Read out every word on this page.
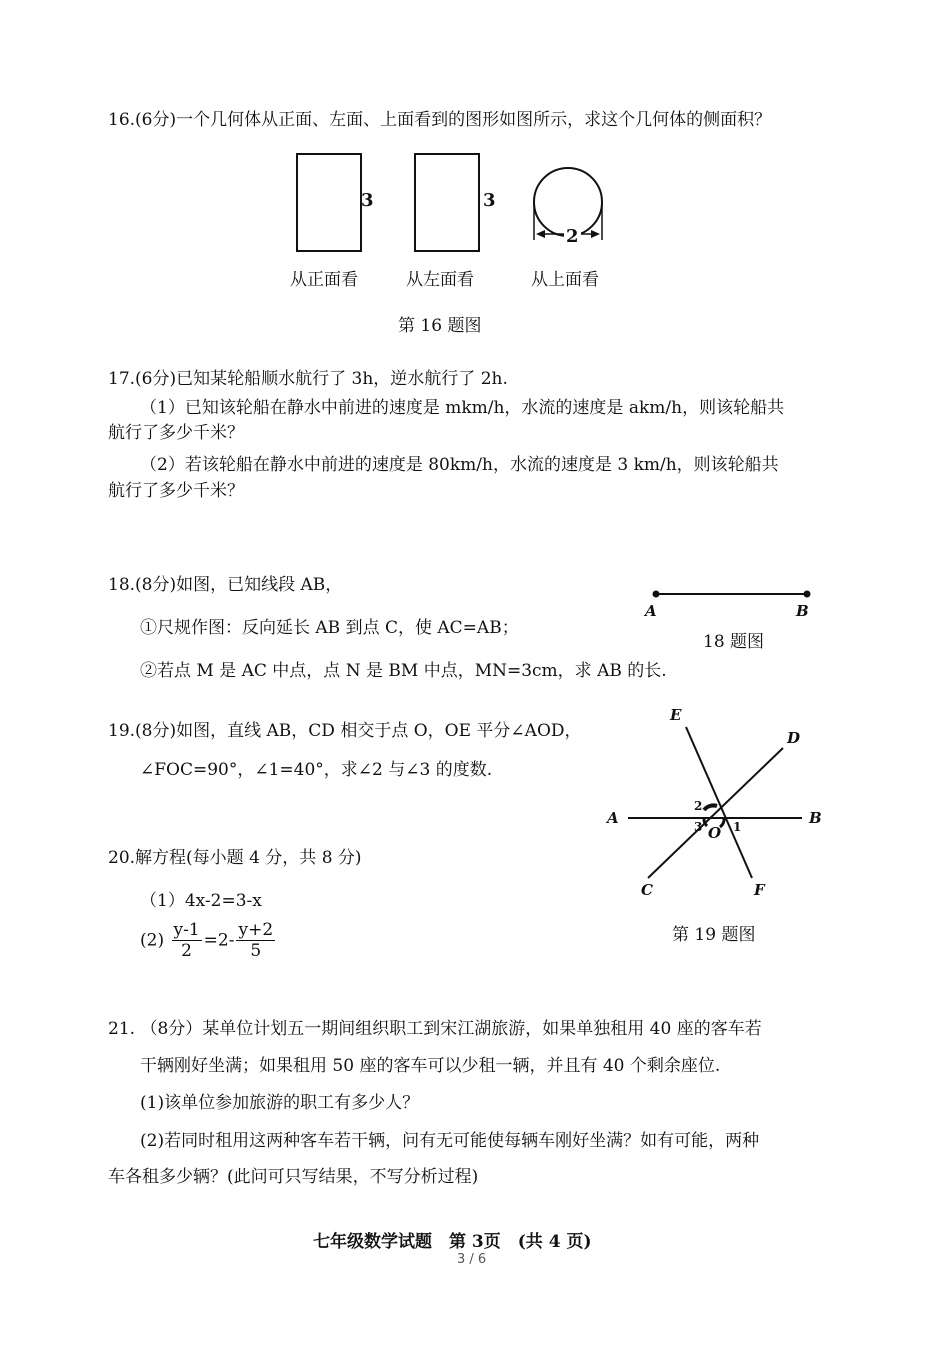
16.(6分)一个几何体从正面、左面、上面看到的图形如图所示，求这个几何体的侧面积？
3	3
2
从正面看	从左面看	从上面看
第 16 题图
17.(6分)已知某轮船顺水航行了 3h，逆水航行了 2h.
（1）已知该轮船在静水中前进的速度是 mkm/h，水流的速度是 akm/h，则该轮船共
航行了多少千米？
（2）若该轮船在静水中前进的速度是 80km/h，水流的速度是 3 km/h，则该轮船共
航行了多少千米？
18.(8分)如图，已知线段 AB，
①尺规作图：反向延长 AB 到点 C，使 AC=AB；
②若点 M 是 AC 中点，点 N 是 BM 中点，MN=3cm，求 AB 的长.
A	B
18 题图
19.(8分)如图，直线 AB，CD 相交于点 O，OE 平分∠AOD，
∠FOC=90°，∠1=40°，求∠2 与∠3 的度数.
E
D
A	B
C	F
O
2
3	1
第 19 题图
20.解方程(每小题 4 分，共 8 分)
（1）4x-2=3-x
$(2) \frac{y-1}{2} =2- \frac{y+2}{5}$
21. （8分）某单位计划五一期间组织职工到宋江湖旅游，如果单独租用 40 座的客车若
干辆刚好坐满；如果租用 50 座的客车可以少租一辆，并且有 40 个剩余座位.
(1)该单位参加旅游的职工有多少人？
(2)若同时租用这两种客车若干辆，问有无可能使每辆车刚好坐满？如有可能，两种
车各租多少辆？(此问可只写结果，不写分析过程)
七年级数学试题　第 3页　(共 4 页)
3 / 6
